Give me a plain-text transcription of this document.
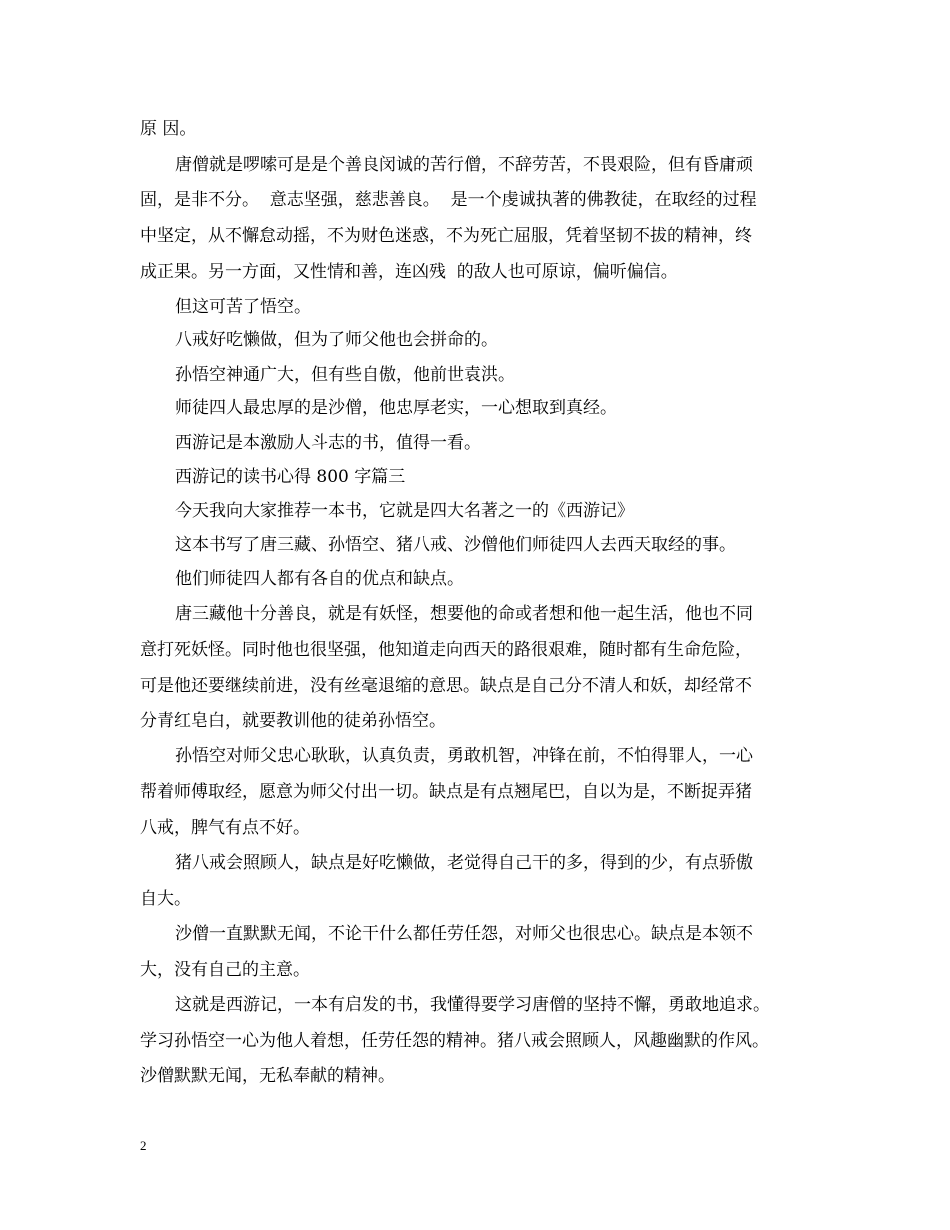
原 因。
唐僧就是啰嗦可是是个善良闵诚的苦行僧，不辞劳苦，不畏艰险，但有昏庸顽
固，是非不分。  意志坚强，慈悲善良。  是一个虔诚执著的佛教徒，在取经的过程
中坚定，从不懈怠动摇，不为财色迷惑，不为死亡屈服，凭着坚韧不拔的精神，终
成正果。另一方面，又性情和善，连凶残  的敌人也可原谅，偏听偏信。
但这可苦了悟空。
八戒好吃懒做，但为了师父他也会拼命的。
孙悟空神通广大，但有些自傲，他前世袁洪。
师徒四人最忠厚的是沙僧，他忠厚老实，一心想取到真经。
西游记是本激励人斗志的书，值得一看。
西游记的读书心得 800 字篇三
今天我向大家推荐一本书，它就是四大名著之一的《西游记》
这本书写了唐三藏、孙悟空、猪八戒、沙僧他们师徒四人去西天取经的事。
他们师徒四人都有各自的优点和缺点。
唐三藏他十分善良，就是有妖怪，想要他的命或者想和他一起生活，他也不同
意打死妖怪。同时他也很坚强，他知道走向西天的路很艰难，随时都有生命危险，
可是他还要继续前进，没有丝毫退缩的意思。缺点是自己分不清人和妖，却经常不
分青红皂白，就要教训他的徒弟孙悟空。
孙悟空对师父忠心耿耿，认真负责，勇敢机智，冲锋在前，不怕得罪人，一心
帮着师傅取经，愿意为师父付出一切。缺点是有点翘尾巴，自以为是，不断捉弄猪
八戒，脾气有点不好。
猪八戒会照顾人，缺点是好吃懒做，老觉得自己干的多，得到的少，有点骄傲
自大。
沙僧一直默默无闻，不论干什么都任劳任怨，对师父也很忠心。缺点是本领不
大，没有自己的主意。
这就是西游记，一本有启发的书，我懂得要学习唐僧的坚持不懈，勇敢地追求。
学习孙悟空一心为他人着想，任劳任怨的精神。猪八戒会照顾人，风趣幽默的作风。
沙僧默默无闻，无私奉献的精神。
2
